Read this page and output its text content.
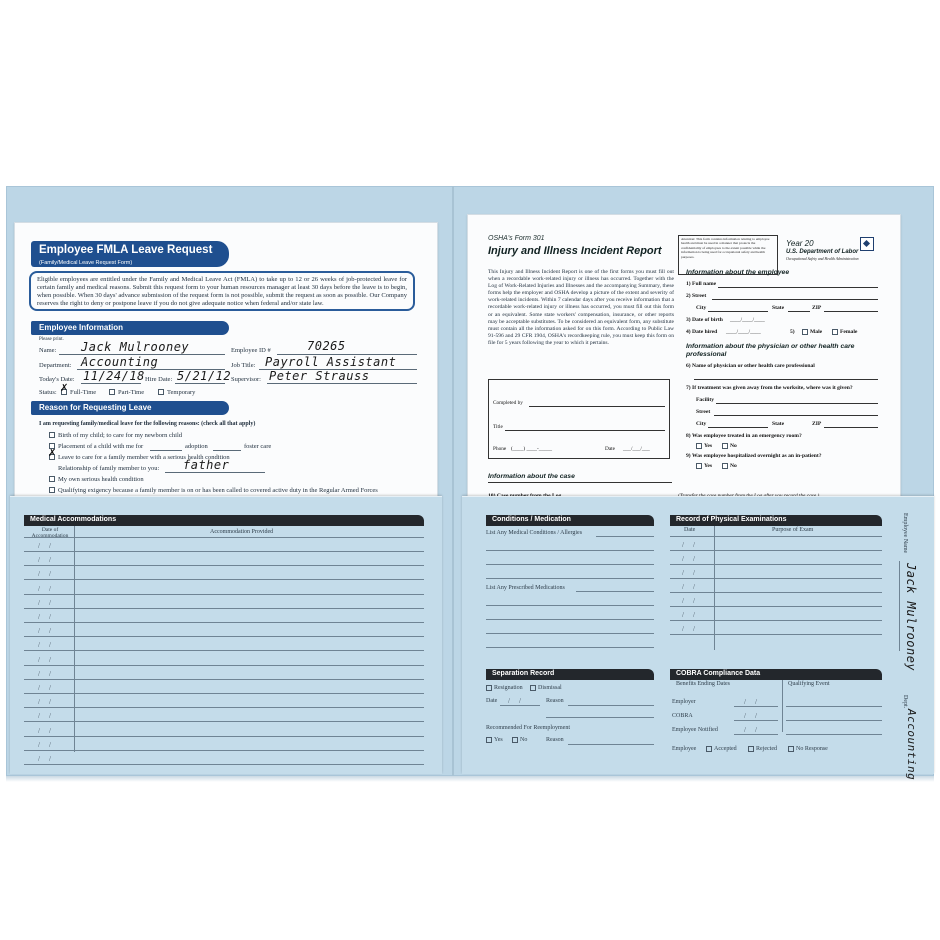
Employee FMLA Leave Request
(Family/Medical Leave Request Form)
Eligible employees are entitled under the Family and Medical Leave Act (FMLA) to take up to 12 or 26 weeks of job-protected leave for certain family and medical reasons. Submit this request form to your human resources manager at least 30 days before the leave is to begin, when possible. When 30 days' advance submission of the request form is not possible, submit the request as soon as possible. Our Company reserves the right to deny or postpone leave if you do not give adequate notice when federal and/or state law.
Employee Information
Please print.
Name: Jack Mulrooney	Employee ID #	70265
Department: Accounting	Job Title: Payroll Assistant
Today's Date: 11/24/18 Hire Date: 5/21/12 Supervisor: Peter Strauss
Status: ✗ Full-Time	Part-Time	Temporary
Reason for Requesting Leave
I am requesting family/medical leave for the following reasons: (check all that apply)
Birth of my child; to care for my newborn child
Placement of a child with me for	adoption	foster care
✗ Leave to care for a family member with a serious health condition
Relationship of family member to you: father
My own serious health condition
Qualifying exigency because a family member is on or has been called to covered active duty in the Regular Armed Forces
OSHA's Form 301
Injury and Illness Incident Report
Attention: This form contains information relating to employee health and must be used in a manner that protects the confidentiality of employees to the extent possible while the information is being used for occupational safety and health purposes.
Year 20
U.S. Department of Labor
Occupational Safety and Health Administration
This Injury and Illness Incident Report is one of the first forms you must fill out when a recordable work-related injury or illness has occurred. Together with the Log of Work-Related Injuries and Illnesses and the accompanying Summary, these forms help the employer and OSHA develop a picture of the extent and severity of work-related incidents. Within 7 calendar days after you receive information that a recordable work-related injury or illness has occurred, you must fill out this form or an equivalent. Some state workers' compensation, insurance, or other reports may be acceptable substitutes. To be considered an equivalent form, any substitute must contain all the information asked for on this form. According to Public Law 91-596 and 29 CFR 1904, OSHA's recordkeeping rule, you must keep this form on file for 5 years following the year to which it pertains.
Completed by
Title
Phone (____) ____-_____	Date ___/___/___
Information about the case
Information about the employee
1) Full name
2) Street
City	State	ZIP
3) Date of birth ____/____/____
4) Date hired ____/____/____	5)	Male	Female
Information about the physician or other health care professional
6) Name of physician or other health care professional
7) If treatment was given away from the worksite, where was it given?
Facility
Street
City	State	ZIP
8) Was employee treated in an emergency room?
Yes	No
9) Was employee hospitalized overnight as an in-patient?
Yes	No
Medical Accommodations
Date of Accommodation
Accommodation Provided
//
//
//
//
//
//
//
//
//
//
//
//
//
//
//
//
Conditions / Medication
List Any Medical Conditions / Allergies
List Any Prescribed Medications
Record of Physical Examinations
Date	Purpose of Exam
//
//
//
//
//
//
//
Separation Record
Resignation	Dismissal
Date //	Reason
Recommended For Reemployment
Yes	No	Reason
COBRA Compliance Data
Benefits Ending Dates	Qualifying Event
Employer	//
COBRA	//
Employee Notified	//
Employee	Accepted	Rejected	No Response
Employee Name
Jack Mulrooney
Dept.
Accounting
